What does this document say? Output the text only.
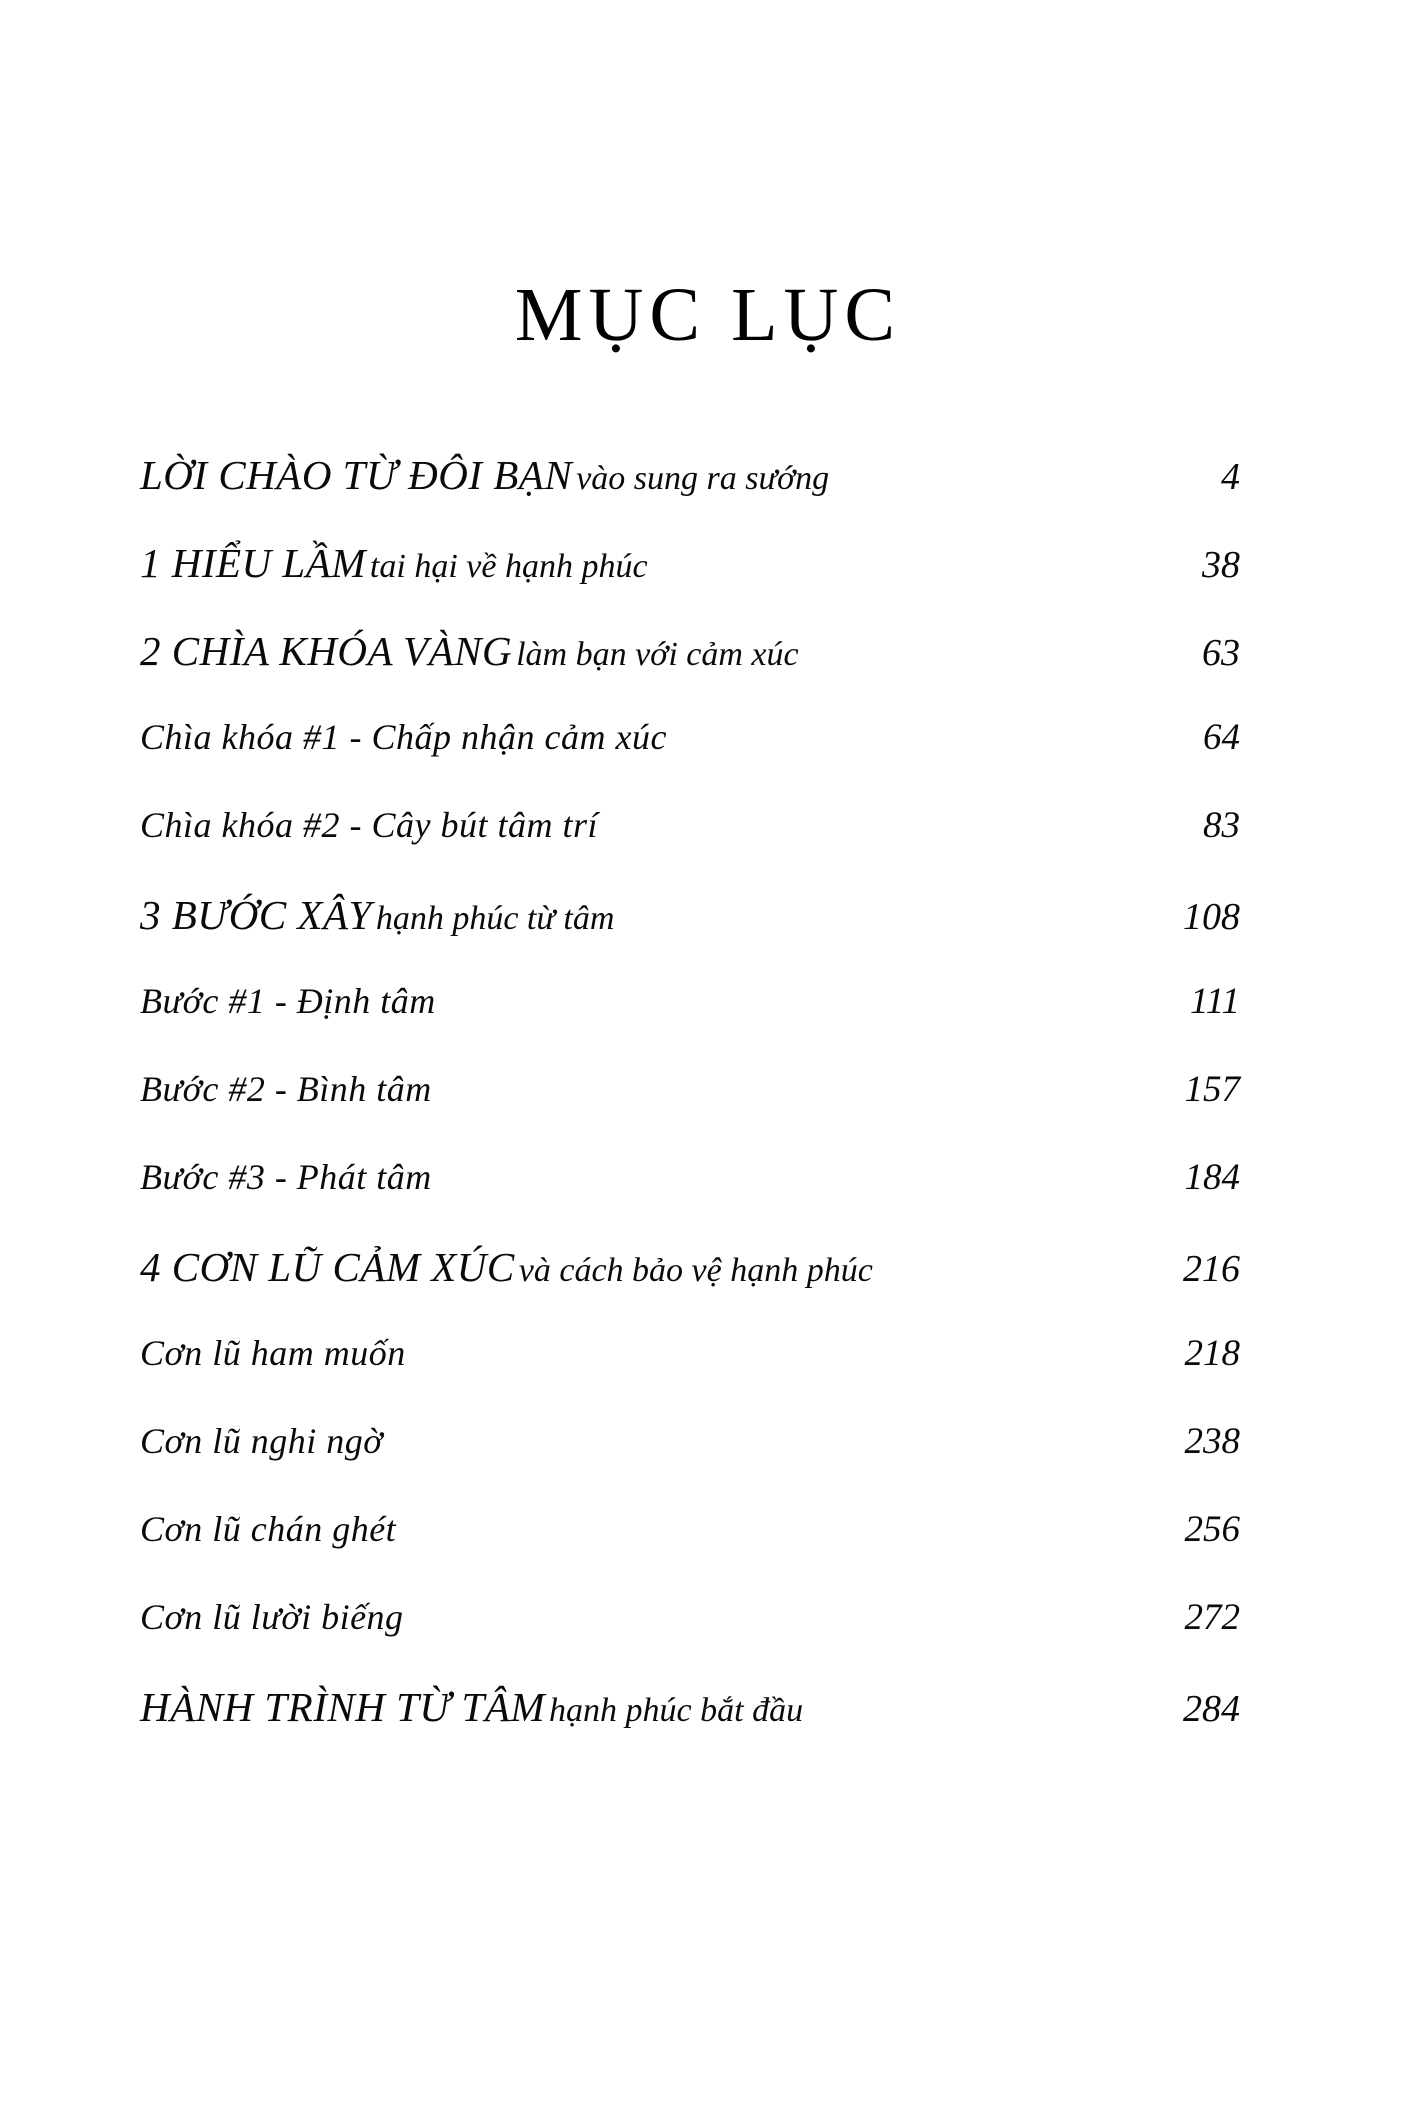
MỤC LỤC
LỜI CHÀO TỪ ĐÔI BẠN vào sung ra sướng	4
1 HIỂU LẦM tai hại về hạnh phúc	38
2 CHÌA KHÓA VÀNG làm bạn với cảm xúc	63
Chìa khóa #1 - Chấp nhận cảm xúc	64
Chìa khóa #2 - Cây bút tâm trí	83
3 BƯỚC XÂY hạnh phúc từ tâm	108
Bước #1 - Định tâm	111
Bước #2 - Bình tâm	157
Bước #3 - Phát tâm	184
4 CƠN LŨ CẢM XÚC và cách bảo vệ hạnh phúc	216
Cơn lũ ham muốn	218
Cơn lũ nghi ngờ	238
Cơn lũ chán ghét	256
Cơn lũ lười biếng	272
HÀNH TRÌNH TỪ TÂM hạnh phúc bắt đầu	284
